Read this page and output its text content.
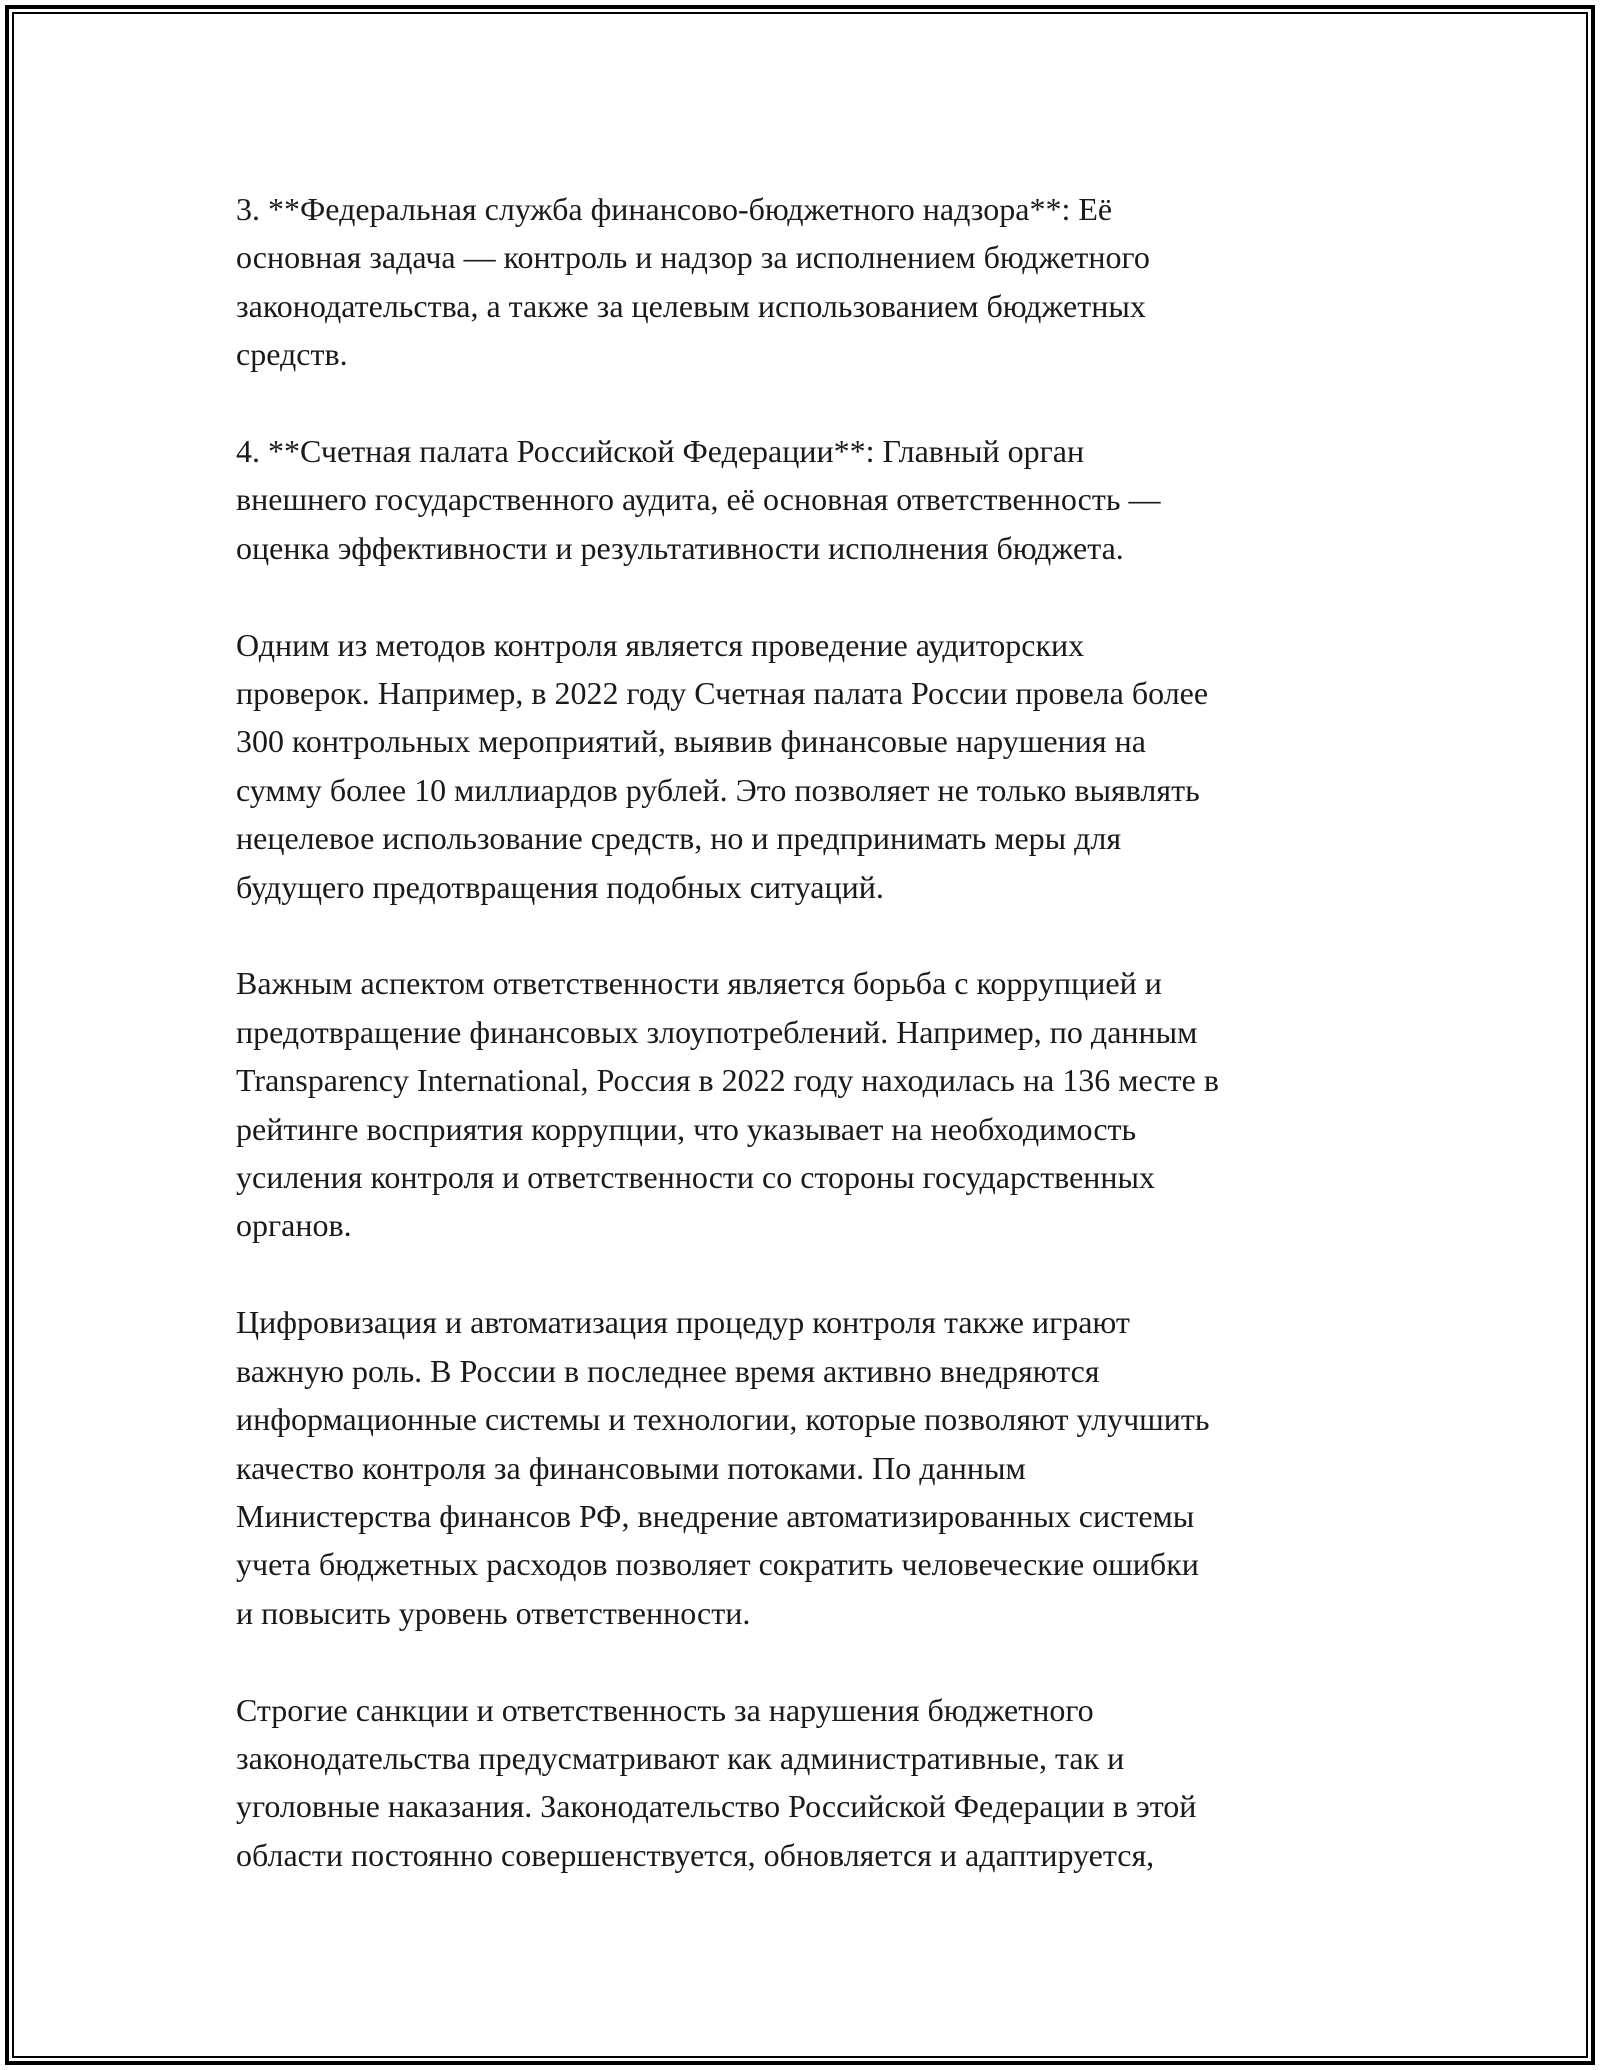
3. **Федеральная служба финансово-бюджетного надзора**: Её
основная задача — контроль и надзор за исполнением бюджетного
законодательства, а также за целевым использованием бюджетных
средств.

4. **Счетная палата Российской Федерации**: Главный орган
внешнего государственного аудита, её основная ответственность —
оценка эффективности и результативности исполнения бюджета.

Одним из методов контроля является проведение аудиторских
проверок. Например, в 2022 году Счетная палата России провела более
300 контрольных мероприятий, выявив финансовые нарушения на
сумму более 10 миллиардов рублей. Это позволяет не только выявлять
нецелевое использование средств, но и предпринимать меры для
будущего предотвращения подобных ситуаций.

Важным аспектом ответственности является борьба с коррупцией и
предотвращение финансовых злоупотреблений. Например, по данным
Transparency International, Россия в 2022 году находилась на 136 месте в
рейтинге восприятия коррупции, что указывает на необходимость
усиления контроля и ответственности со стороны государственных
органов.

Цифровизация и автоматизация процедур контроля также играют
важную роль. В России в последнее время активно внедряются
информационные системы и технологии, которые позволяют улучшить
качество контроля за финансовыми потоками. По данным
Министерства финансов РФ, внедрение автоматизированных системы
учета бюджетных расходов позволяет сократить человеческие ошибки
и повысить уровень ответственности.

Строгие санкции и ответственность за нарушения бюджетного
законодательства предусматривают как административные, так и
уголовные наказания. Законодательство Российской Федерации в этой
области постоянно совершенствуется, обновляется и адаптируется,
